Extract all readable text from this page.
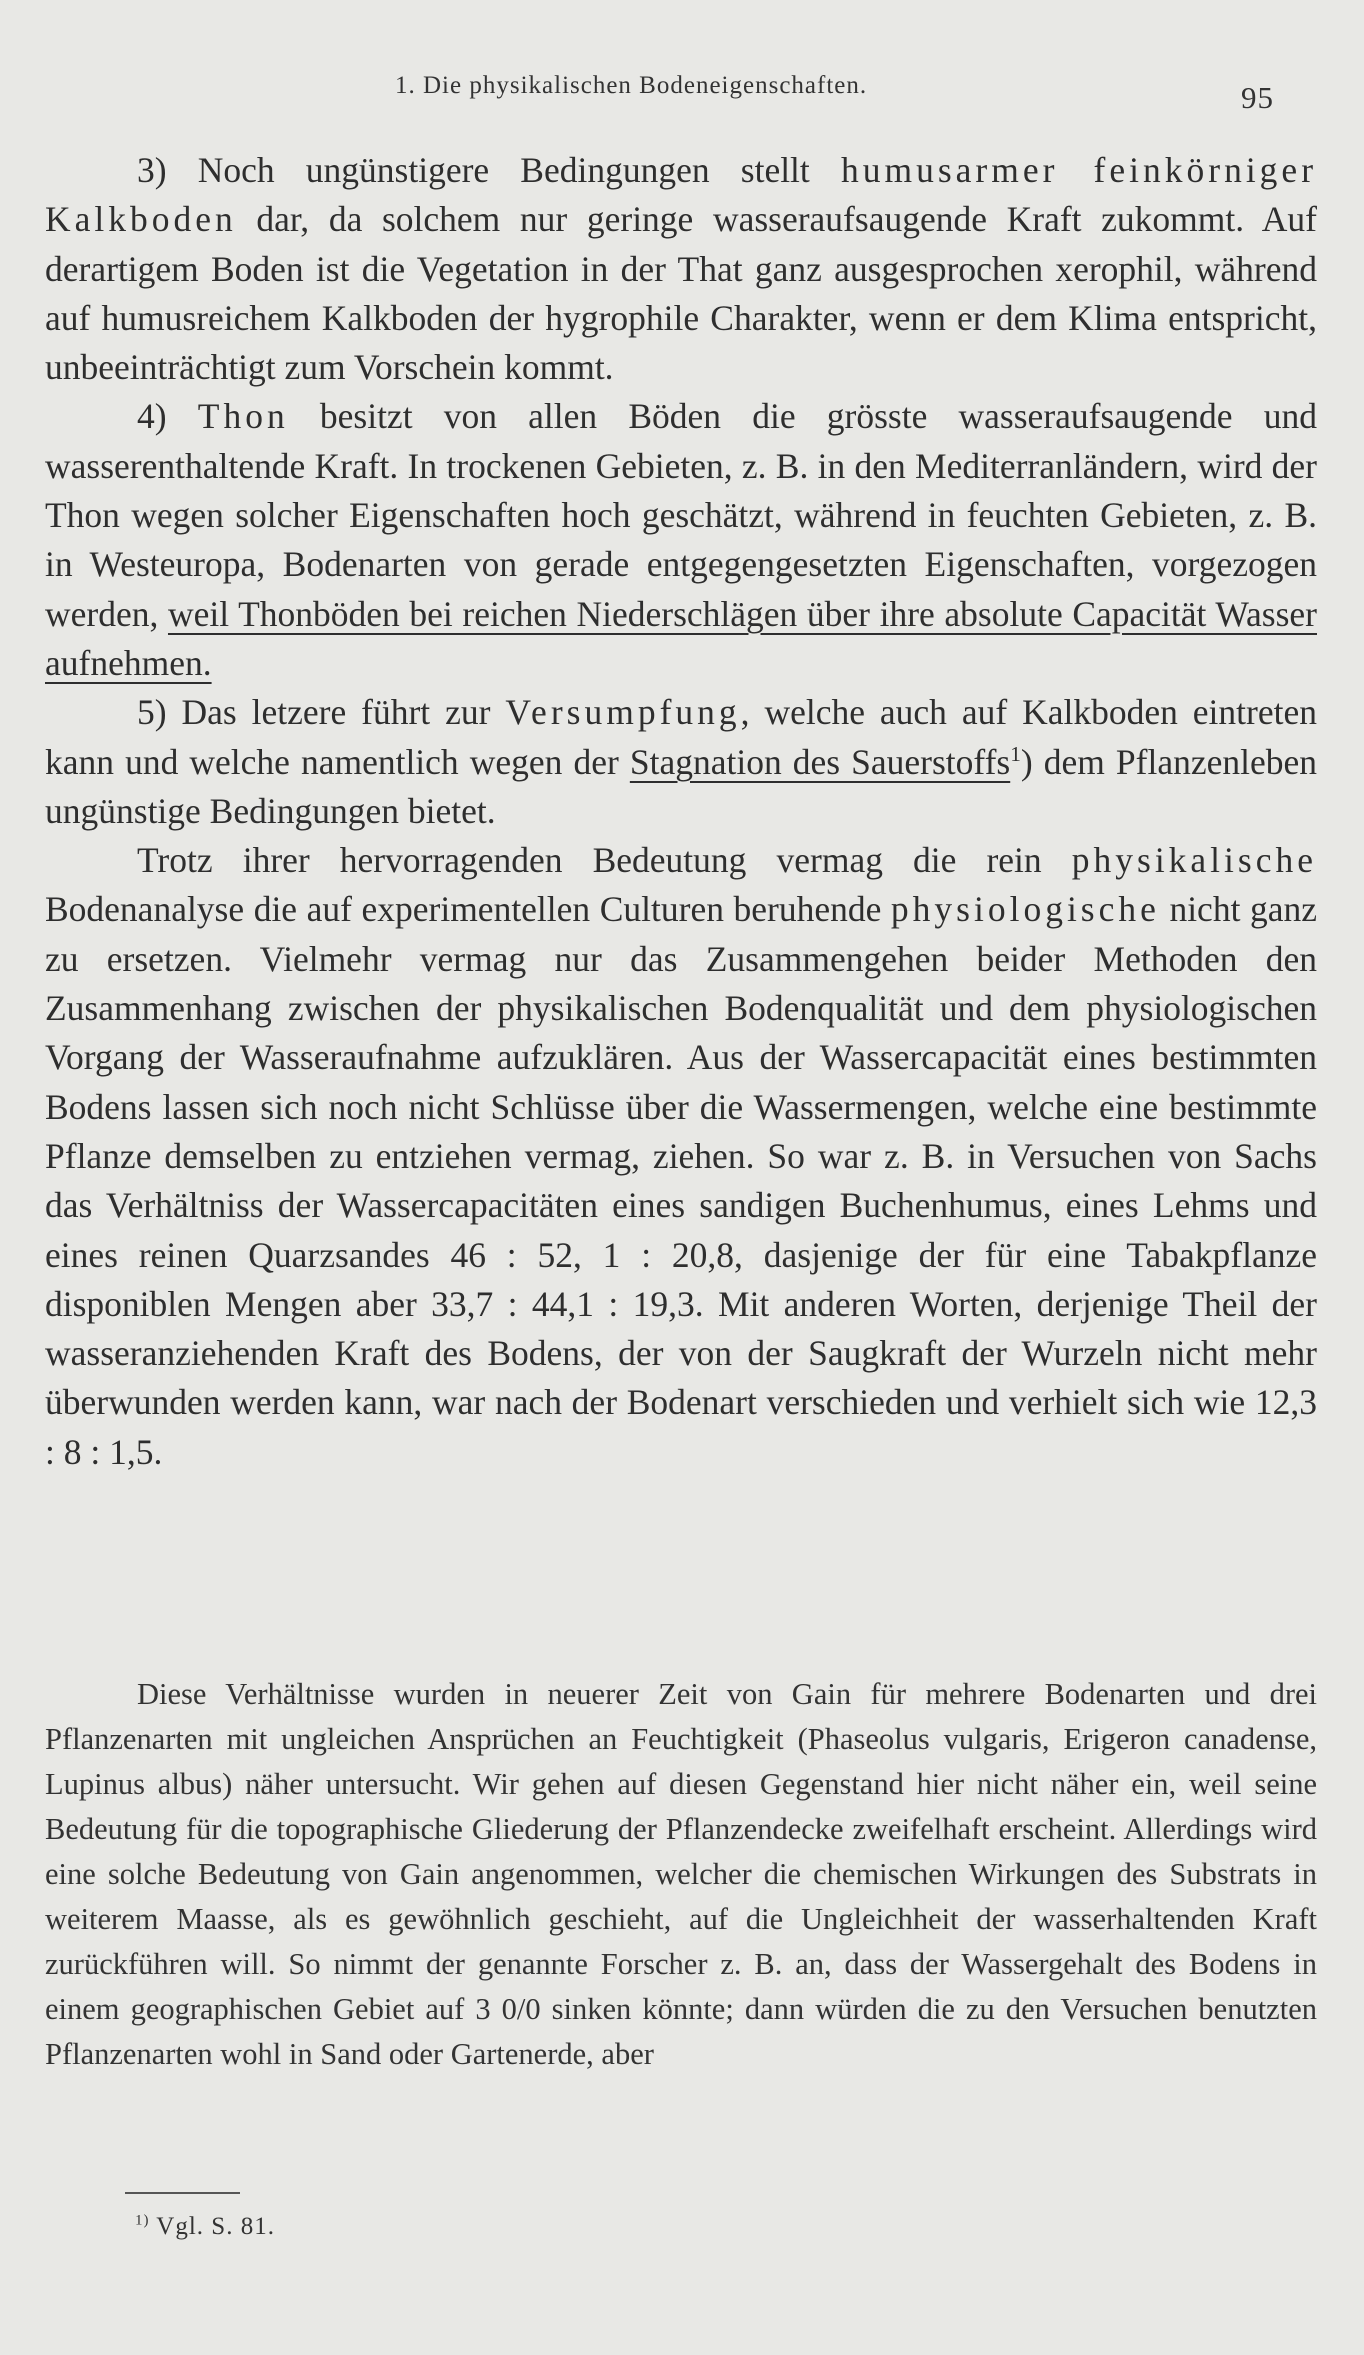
1. Die physikalischen Bodeneigenschaften.	95

3) Noch ungünstigere Bedingungen stellt humusarmer feinkörniger Kalkboden dar, da solchem nur geringe wasseraufsaugende Kraft zukommt. Auf derartigem Boden ist die Vegetation in der That ganz ausgesprochen xerophil, während auf humusreichem Kalkboden der hygrophile Charakter, wenn er dem Klima entspricht, unbeeinträchtigt zum Vorschein kommt.

4) Thon besitzt von allen Böden die grösste wasseraufsaugende und wasserenthaltende Kraft. In trockenen Gebieten, z. B. in den Mediterranländern, wird der Thon wegen solcher Eigenschaften hoch geschätzt, während in feuchten Gebieten, z. B. in Westeuropa, Bodenarten von gerade entgegengesetzten Eigenschaften, vorgezogen werden, weil Thonböden bei reichen Niederschlägen über ihre absolute Capacität Wasser aufnehmen.

5) Das letzere führt zur Versumpfung, welche auch auf Kalkboden eintreten kann und welche namentlich wegen der Stagnation des Sauerstoffs$^1$) dem Pflanzenleben ungünstige Bedingungen bietet.

Trotz ihrer hervorragenden Bedeutung vermag die rein physikalische Bodenanalyse die auf experimentellen Culturen beruhende physiologische nicht ganz zu ersetzen. Vielmehr vermag nur das Zusammengehen beider Methoden den Zusammenhang zwischen der physikalischen Bodenqualität und dem physiologischen Vorgang der Wasseraufnahme aufzuklären. Aus der Wassercapacität eines bestimmten Bodens lassen sich noch nicht Schlüsse über die Wassermengen, welche eine bestimmte Pflanze demselben zu entziehen vermag, ziehen. So war z. B. in Versuchen von Sachs das Verhältniss der Wassercapacitäten eines sandigen Buchenhumus, eines Lehms und eines reinen Quarzsandes 46 : 52, 1 : 20,8, dasjenige der für eine Tabakpflanze disponiblen Mengen aber 33,7 : 44,1 : 19,3. Mit anderen Worten, derjenige Theil der wasseranziehenden Kraft des Bodens, der von der Saugkraft der Wurzeln nicht mehr überwunden werden kann, war nach der Bodenart verschieden und verhielt sich wie 12,3 : 8 : 1,5.

Diese Verhältnisse wurden in neuerer Zeit von Gain für mehrere Bodenarten und drei Pflanzenarten mit ungleichen Ansprüchen an Feuchtigkeit (Phaseolus vulgaris, Erigeron canadense, Lupinus albus) näher untersucht. Wir gehen auf diesen Gegenstand hier nicht näher ein, weil seine Bedeutung für die topographische Gliederung der Pflanzendecke zweifelhaft erscheint. Allerdings wird eine solche Bedeutung von Gain angenommen, welcher die chemischen Wirkungen des Substrats in weiterem Maasse, als es gewöhnlich geschieht, auf die Ungleichheit der wasserhaltenden Kraft zurückführen will. So nimmt der genannte Forscher z. B. an, dass der Wassergehalt des Bodens in einem geographischen Gebiet auf 3 0/0 sinken könnte; dann würden die zu den Versuchen benutzten Pflanzenarten wohl in Sand oder Gartenerde, aber

$^{1)}$ Vgl. S. 81.
